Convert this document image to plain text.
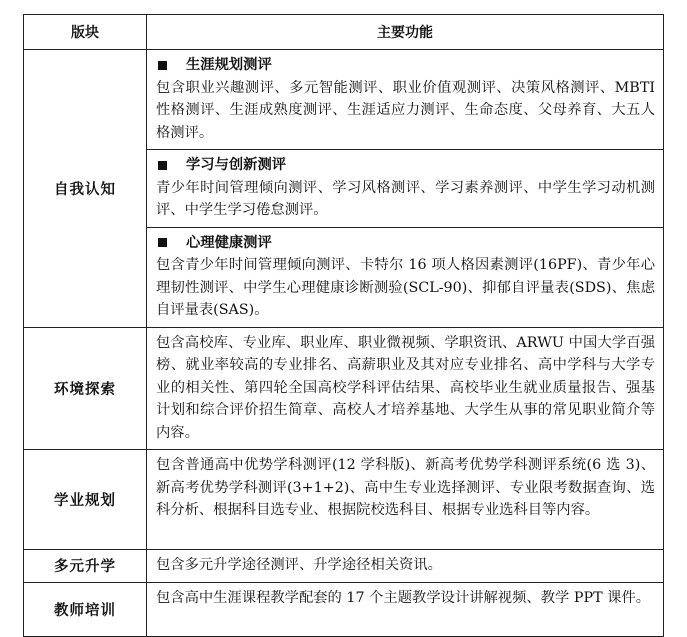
版块	主要功能
自我认知	生涯规划测评
包含职业兴趣测评、多元智能测评、职业价值观测评、决策风格测评、MBTI 性格测评、生涯成熟度测评、生涯适应力测评、生命态度、父母养育、大五人格测评。

	学习与创新测评
青少年时间管理倾向测评、学习风格测评、学习素养测评、中学生学习动机测评、中学生学习倦怠测评。

	心理健康测评
包含青少年时间管理倾向测评、卡特尔 16 项人格因素测评(16PF)、青少年心理韧性测评、中学生心理健康诊断测验(SCL-90)、抑郁自评量表(SDS)、焦虑自评量表(SAS)。

环境探索	包含高校库、专业库、职业库、职业微视频、学职资讯、ARWU 中国大学百强榜、就业率较高的专业排名、高薪职业及其对应专业排名、高中学科与大学专业的相关性、第四轮全国高校学科评估结果、高校毕业生就业质量报告、强基计划和综合评价招生简章、高校人才培养基地、大学生从事的常见职业简介等内容。
学业规划	包含普通高中优势学科测评(12 学科版)、新高考优势学科测评系统(6 选 3)、新高考优势学科测评(3+1+2)、高中生专业选择测评、专业限考数据查询、选科分析、根据科目选专业、根据院校选科目、根据专业选科目等内容。
多元升学	包含多元升学途径测评、升学途径相关资讯。
教师培训	包含高中生涯课程教学配套的 17 个主题教学设计讲解视频、教学 PPT 课件。
